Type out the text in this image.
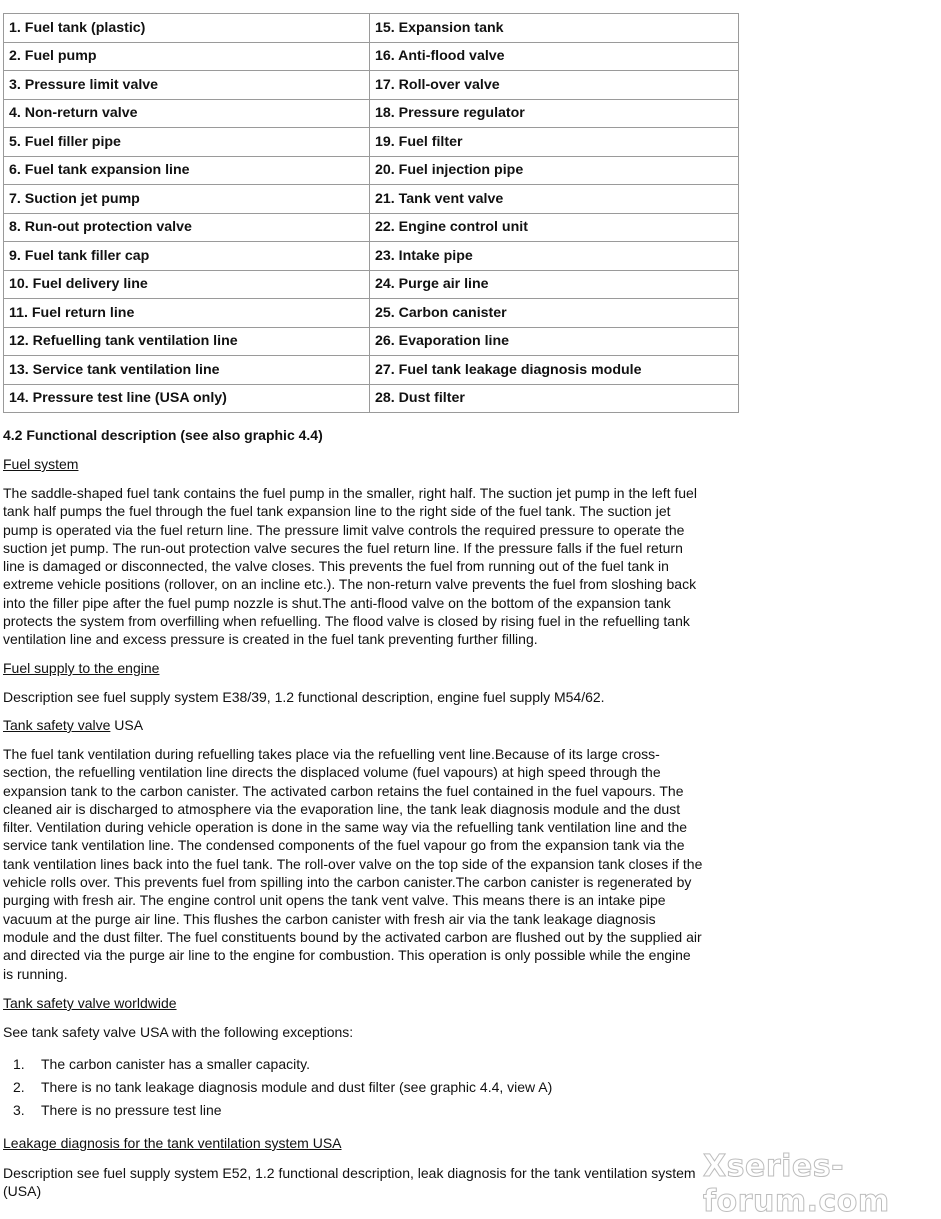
1. Fuel tank (plastic)	15. Expansion tank
2. Fuel pump	16. Anti-flood valve
3. Pressure limit valve	17. Roll-over valve
4. Non-return valve	18. Pressure regulator
5. Fuel filler pipe	19. Fuel filter
6. Fuel tank expansion line	20. Fuel injection pipe
7. Suction jet pump	21. Tank vent valve
8. Run-out protection valve	22. Engine control unit
9. Fuel tank filler cap	23. Intake pipe
10. Fuel delivery line	24. Purge air line
11. Fuel return line	25. Carbon canister
12. Refuelling tank ventilation line	26. Evaporation line
13. Service tank ventilation line	27. Fuel tank leakage diagnosis module
14. Pressure test line (USA only)	28. Dust filter
4.2 Functional description (see also graphic 4.4)
Fuel system
The saddle-shaped fuel tank contains the fuel pump in the smaller, right half. The suction jet pump in the left fuel
tank half pumps the fuel through the fuel tank expansion line to the right side of the fuel tank. The suction jet
pump is operated via the fuel return line. The pressure limit valve controls the required pressure to operate the
suction jet pump. The run-out protection valve secures the fuel return line. If the pressure falls if the fuel return
line is damaged or disconnected, the valve closes. This prevents the fuel from running out of the fuel tank in
extreme vehicle positions (rollover, on an incline etc.). The non-return valve prevents the fuel from sloshing back
into the filler pipe after the fuel pump nozzle is shut.The anti-flood valve on the bottom of the expansion tank
protects the system from overfilling when refuelling. The flood valve is closed by rising fuel in the refuelling tank
ventilation line and excess pressure is created in the fuel tank preventing further filling.
Fuel supply to the engine
Description see fuel supply system E38/39, 1.2 functional description, engine fuel supply M54/62.
Tank safety valve USA
The fuel tank ventilation during refuelling takes place via the refuelling vent line.Because of its large cross-
section, the refuelling ventilation line directs the displaced volume (fuel vapours) at high speed through the
expansion tank to the carbon canister. The activated carbon retains the fuel contained in the fuel vapours. The
cleaned air is discharged to atmosphere via the evaporation line, the tank leak diagnosis module and the dust
filter. Ventilation during vehicle operation is done in the same way via the refuelling tank ventilation line and the
service tank ventilation line. The condensed components of the fuel vapour go from the expansion tank via the
tank ventilation lines back into the fuel tank. The roll-over valve on the top side of the expansion tank closes if the
vehicle rolls over. This prevents fuel from spilling into the carbon canister.The carbon canister is regenerated by
purging with fresh air. The engine control unit opens the tank vent valve. This means there is an intake pipe
vacuum at the purge air line. This flushes the carbon canister with fresh air via the tank leakage diagnosis
module and the dust filter. The fuel constituents bound by the activated carbon are flushed out by the supplied air
and directed via the purge air line to the engine for combustion. This operation is only possible while the engine
is running.
Tank safety valve worldwide
See tank safety valve USA with the following exceptions:
1.	The carbon canister has a smaller capacity.
2.	There is no tank leakage diagnosis module and dust filter (see graphic 4.4, view A)
3.	There is no pressure test line
Leakage diagnosis for the tank ventilation system USA
Description see fuel supply system E52, 1.2 functional description, leak diagnosis for the tank ventilation system
(USA)
Xseries-forum.com
